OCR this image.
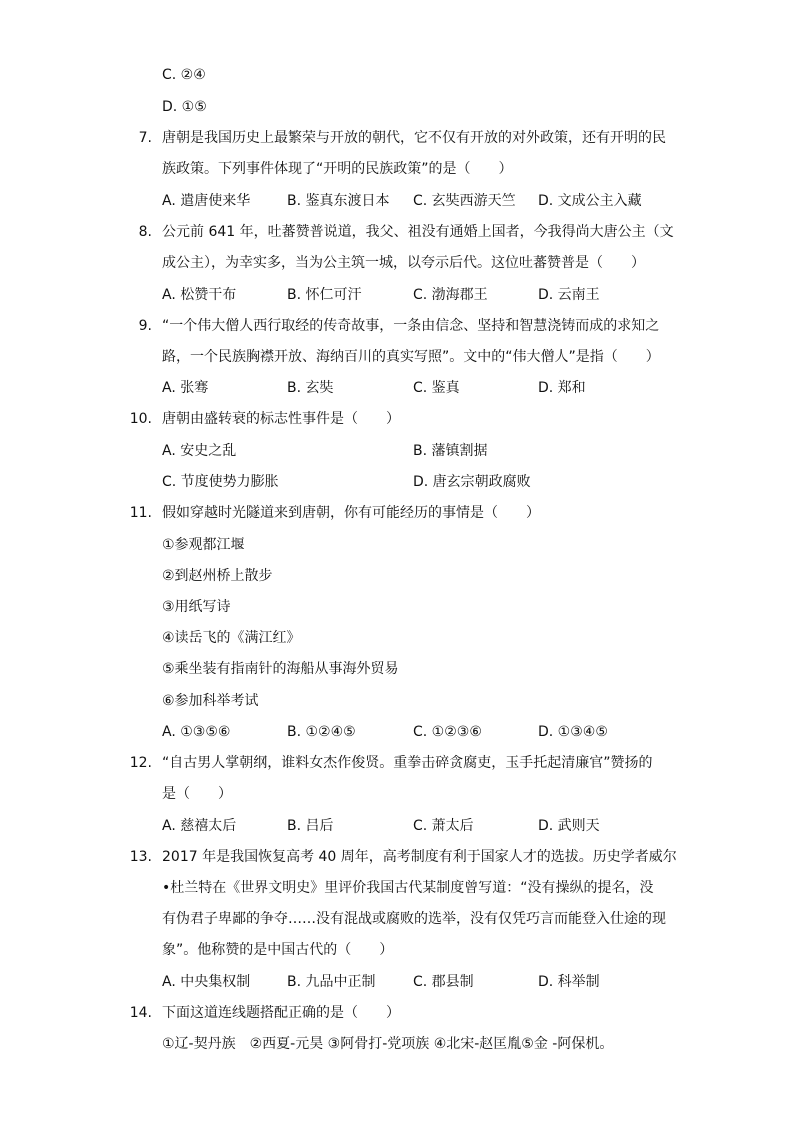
C. ②④
D. ①⑤
7. 唐朝是我国历史上最繁荣与开放的朝代，它不仅有开放的对外政策，还有开明的民
族政策。下列事件体现了“开明的民族政策”的是（　　）
A. 遣唐使来华	B. 鉴真东渡日本 C. 玄奘西游天竺 D. 文成公主入藏
8. 公元前 641 年，吐蕃赞普说道，我父、祖没有通婚上国者，今我得尚大唐公主（文
成公主），为幸实多，当为公主筑一城，以夸示后代。这位吐蕃赞普是（　　）
A. 松赞干布	B. 怀仁可汗	C. 渤海郡王	D. 云南王
9. “一个伟大僧人西行取经的传奇故事，一条由信念、坚持和智慧浇铸而成的求知之
路，一个民族胸襟开放、海纳百川的真实写照”。文中的“伟大僧人”是指（　　）
A. 张骞	B. 玄奘	C. 鉴真	D. 郑和
10. 唐朝由盛转衰的标志性事件是（　　）
A. 安史之乱	B. 藩镇割据
C. 节度使势力膨胀	D. 唐玄宗朝政腐败
11. 假如穿越时光隧道来到唐朝，你有可能经历的事情是（　　）
①参观都江堰
②到赵州桥上散步
③用纸写诗
④读岳飞的《满江红》
⑤乘坐装有指南针的海船从事海外贸易
⑥参加科举考试
A. ①③⑤⑥	B. ①②④⑤	C. ①②③⑥	D. ①③④⑤
12. “自古男人掌朝纲，谁料女杰作俊贤。重拳击碎贪腐吏，玉手托起清廉官”赞扬的
是（　　）
A. 慈禧太后	B. 吕后	C. 萧太后	D. 武则天
13. 2017 年是我国恢复高考 40 周年，高考制度有利于国家人才的选拔。历史学者威尔
•杜兰特在《世界文明史》里评价我国古代某制度曾写道：“没有操纵的提名，没
有伪君子卑鄙的争夺……没有混战或腐败的选举，没有仅凭巧言而能登入仕途的现
象”。他称赞的是中国古代的（　　）
A. 中央集权制	B. 九品中正制	C. 郡县制	D. 科举制
14. 下面这道连线题搭配正确的是（　　）
①辽-契丹族　②西夏-元昊 ③阿骨打-党项族 ④北宋-赵匡胤⑤金 -阿保机。
